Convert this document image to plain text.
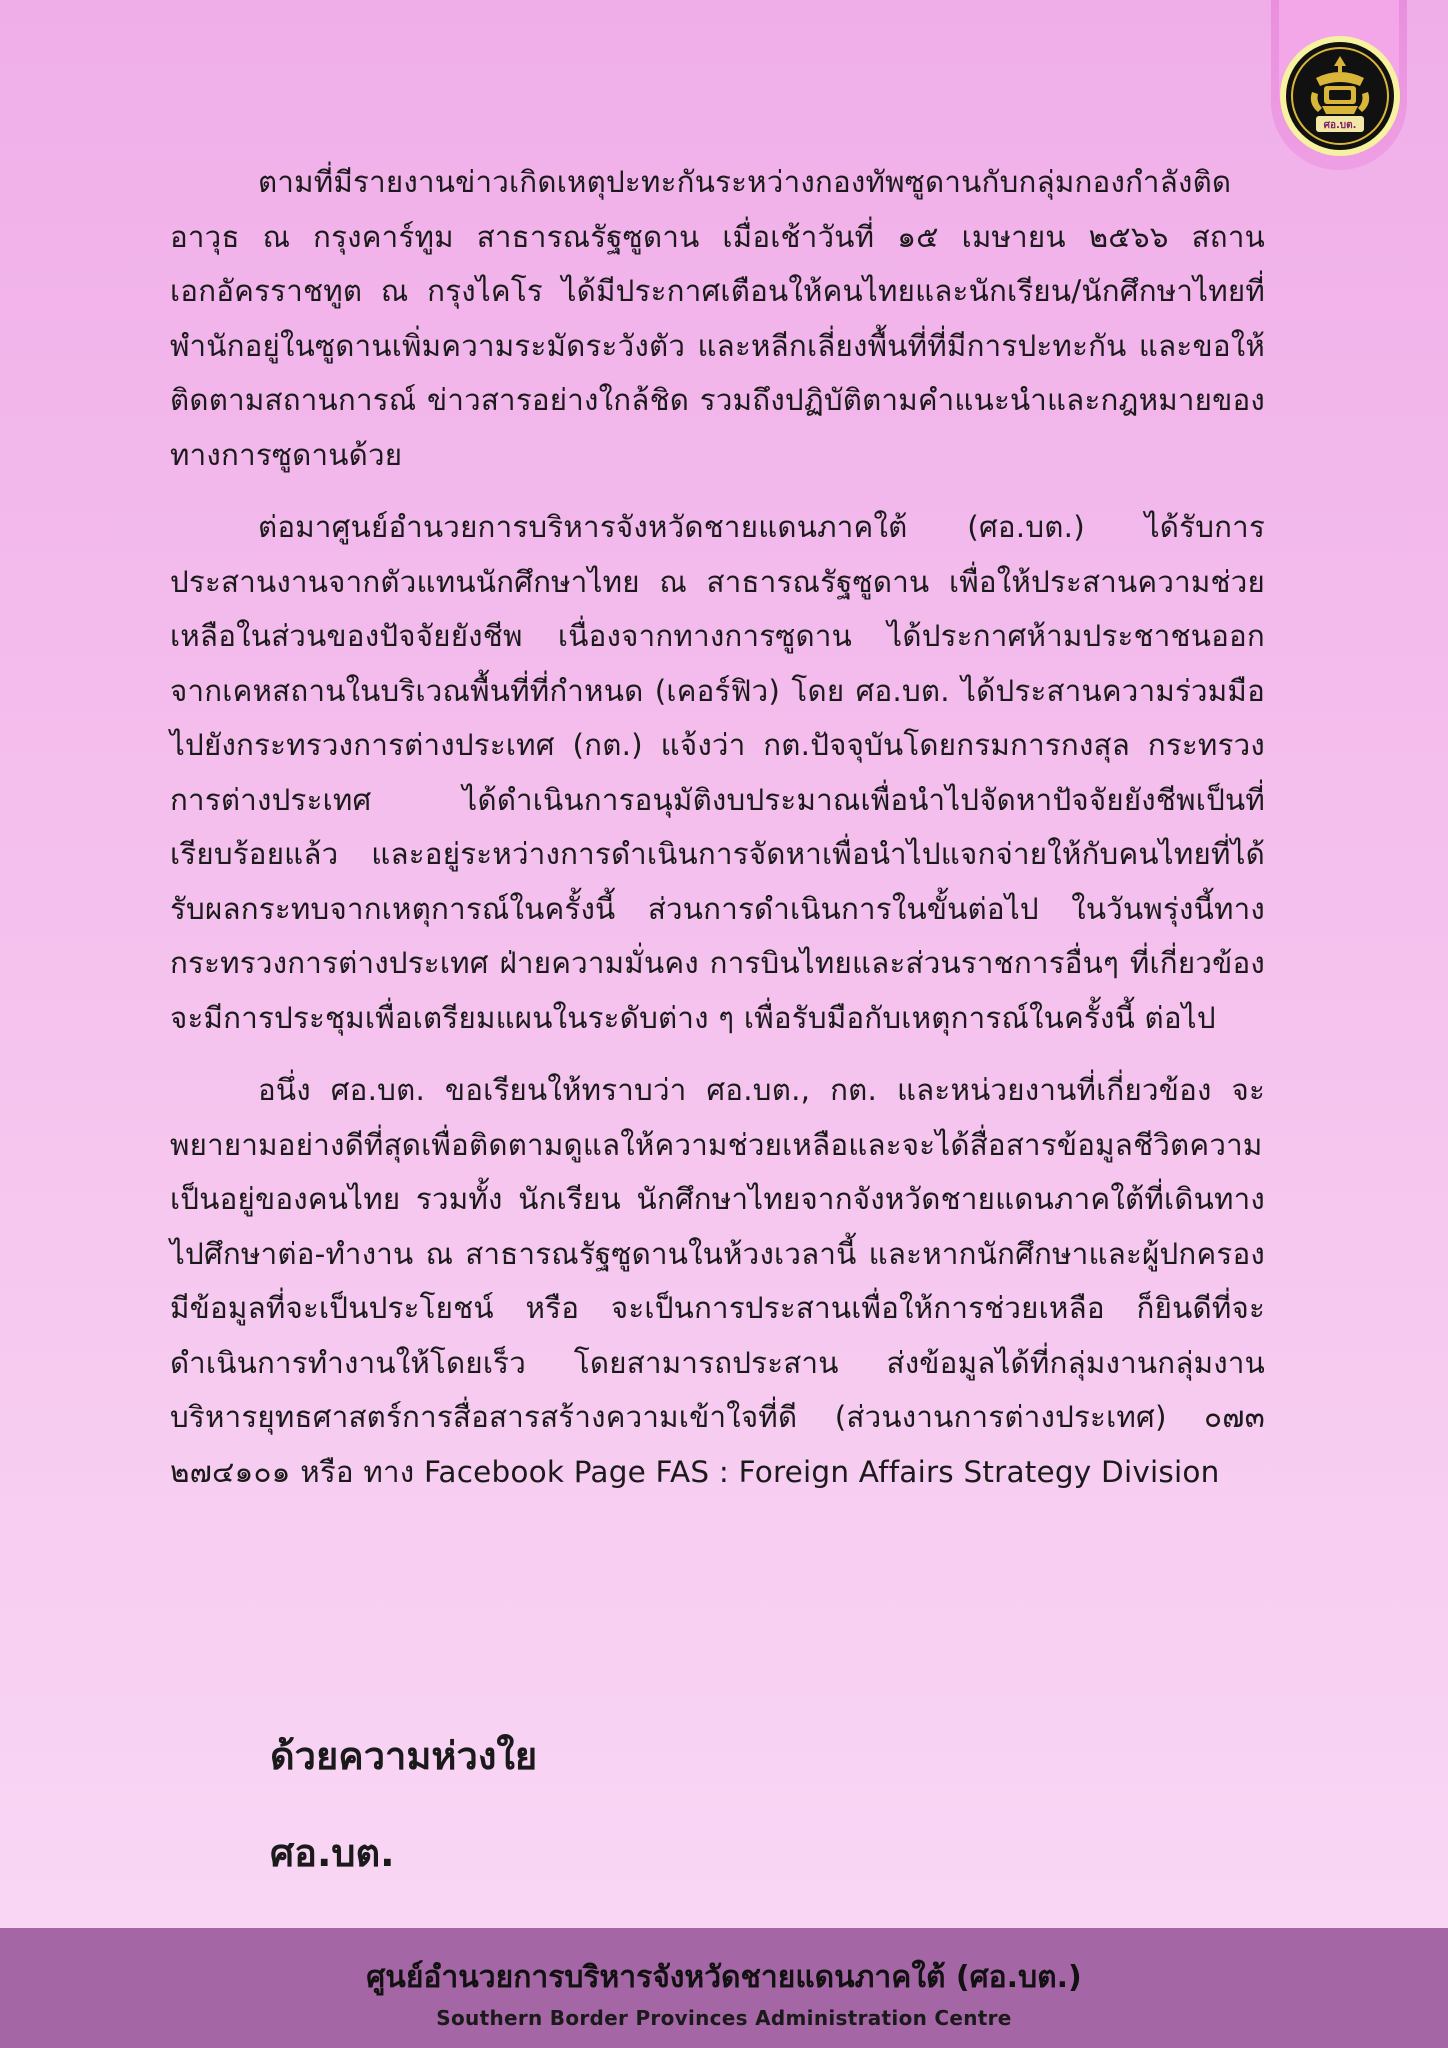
ศอ.บต.

ตามที่มีรายงานข่าวเกิดเหตุปะทะกันระหว่างกองทัพซูดานกับกลุ่มกองกำลังติดอาวุธ ณ กรุงคาร์ทูม สาธารณรัฐซูดาน เมื่อเช้าวันที่ ๑๕ เมษายน ๒๕๖๖ สถานเอกอัครราชทูต ณ กรุงไคโร ได้มีประกาศเตือนให้คนไทยและนักเรียน/นักศึกษาไทยที่พำนักอยู่ในซูดานเพิ่มความระมัดระวังตัว และหลีกเลี่ยงพื้นที่ที่มีการปะทะกัน และขอให้ติดตามสถานการณ์ ข่าวสารอย่างใกล้ชิด รวมถึงปฏิบัติตามคำแนะนำและกฎหมายของทางการซูดานด้วย

ต่อมาศูนย์อำนวยการบริหารจังหวัดชายแดนภาคใต้ (ศอ.บต.) ได้รับการประสานงานจากตัวแทนนักศึกษาไทย ณ สาธารณรัฐซูดาน เพื่อให้ประสานความช่วยเหลือในส่วนของปัจจัยยังชีพ เนื่องจากทางการซูดาน ได้ประกาศห้ามประชาชนออกจากเคหสถานในบริเวณพื้นที่ที่กำหนด (เคอร์ฟิว) โดย ศอ.บต. ได้ประสานความร่วมมือไปยังกระทรวงการต่างประเทศ (กต.) แจ้งว่า กต.ปัจจุบันโดยกรมการกงสุล กระทรวงการต่างประเทศ ได้ดำเนินการอนุมัติงบประมาณเพื่อนำไปจัดหาปัจจัยยังชีพเป็นที่เรียบร้อยแล้ว และอยู่ระหว่างการดำเนินการจัดหาเพื่อนำไปแจกจ่ายให้กับคนไทยที่ได้รับผลกระทบจากเหตุการณ์ในครั้งนี้ ส่วนการดำเนินการในขั้นต่อไป ในวันพรุ่งนี้ทางกระทรวงการต่างประเทศ ฝ่ายความมั่นคง การบินไทยและส่วนราชการอื่นๆ ที่เกี่ยวข้อง จะมีการประชุมเพื่อเตรียมแผนในระดับต่าง ๆ เพื่อรับมือกับเหตุการณ์ในครั้งนี้ ต่อไป

อนึ่ง ศอ.บต. ขอเรียนให้ทราบว่า ศอ.บต., กต. และหน่วยงานที่เกี่ยวข้อง จะพยายามอย่างดีที่สุดเพื่อติดตามดูแลให้ความช่วยเหลือและจะได้สื่อสารข้อมูลชีวิตความเป็นอยู่ของคนไทย รวมทั้ง นักเรียน นักศึกษาไทยจากจังหวัดชายแดนภาคใต้ที่เดินทางไปศึกษาต่อ-ทำงาน ณ สาธารณรัฐซูดานในห้วงเวลานี้ และหากนักศึกษาและผู้ปกครอง มีข้อมูลที่จะเป็นประโยชน์ หรือ จะเป็นการประสานเพื่อให้การช่วยเหลือ ก็ยินดีที่จะดำเนินการทำงานให้โดยเร็ว โดยสามารถประสาน ส่งข้อมูลได้ที่กลุ่มงานกลุ่มงานบริหารยุทธศาสตร์การสื่อสารสร้างความเข้าใจที่ดี (ส่วนงานการต่างประเทศ) ๐๗๓ ๒๗๔๑๐๑ หรือ ทาง Facebook Page FAS : Foreign Affairs Strategy Division

ด้วยความห่วงใย
ศอ.บต.
ศูนย์อำนวยการบริหารจังหวัดชายแดนภาคใต้ (ศอ.บต.)
Southern Border Provinces Administration Centre
